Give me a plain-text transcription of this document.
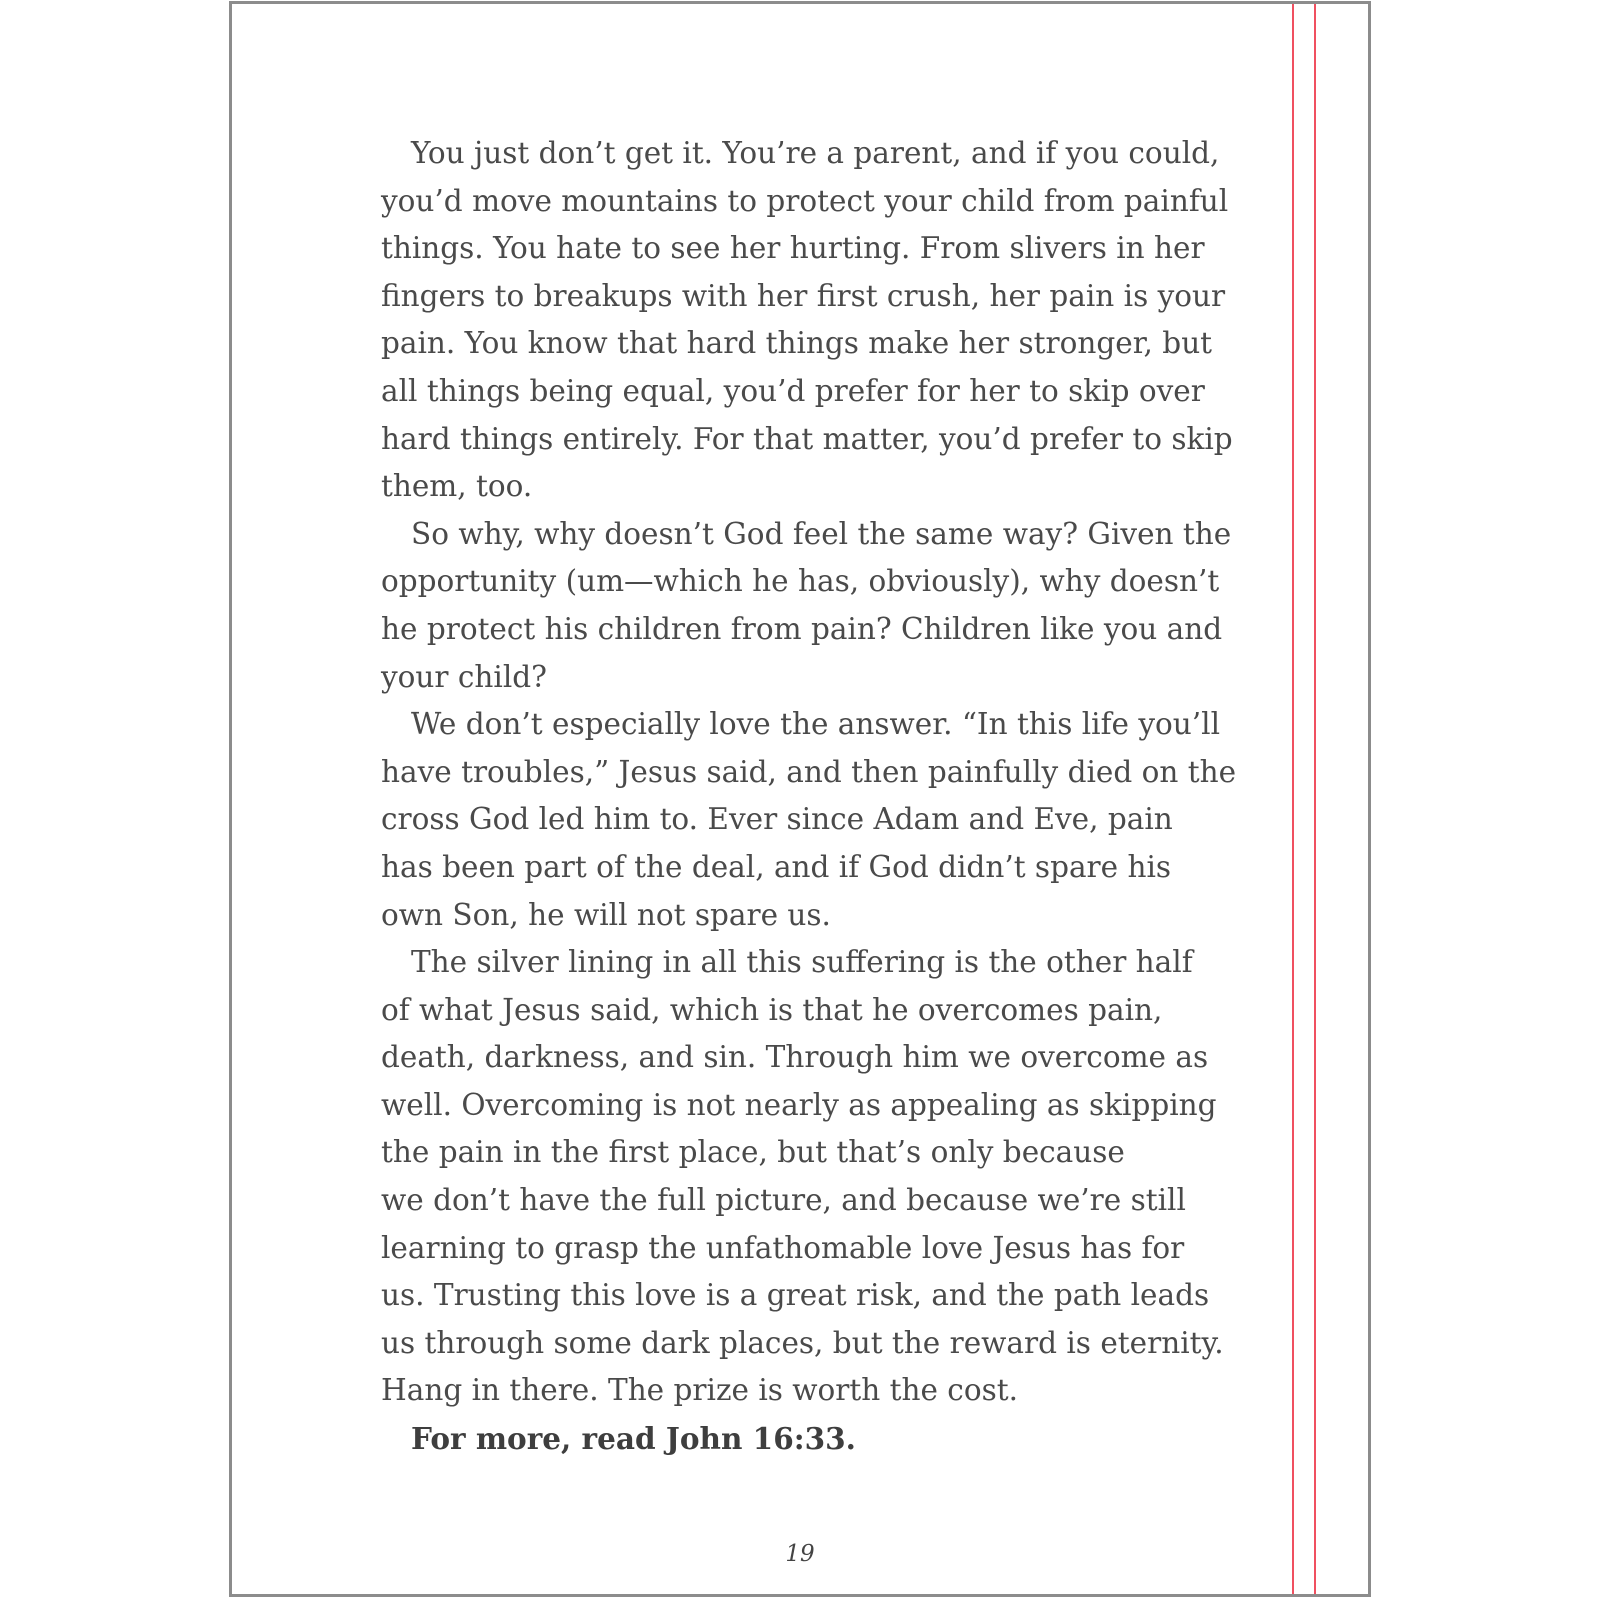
You just don’t get it. You’re a parent, and if you could,
you’d move mountains to protect your child from painful
things. You hate to see her hurting. From slivers in her
fingers to breakups with her first crush, her pain is your
pain. You know that hard things make her stronger, but
all things being equal, you’d prefer for her to skip over
hard things entirely. For that matter, you’d prefer to skip
them, too.
So why, why doesn’t God feel the same way? Given the
opportunity (um—which he has, obviously), why doesn’t
he protect his children from pain? Children like you and
your child?
We don’t especially love the answer. “In this life you’ll
have troubles,” Jesus said, and then painfully died on the
cross God led him to. Ever since Adam and Eve, pain
has been part of the deal, and if God didn’t spare his
own Son, he will not spare us.
The silver lining in all this suffering is the other half
of what Jesus said, which is that he overcomes pain,
death, darkness, and sin. Through him we overcome as
well. Overcoming is not nearly as appealing as skipping
the pain in the first place, but that’s only because
we don’t have the full picture, and because we’re still
learning to grasp the unfathomable love Jesus has for
us. Trusting this love is a great risk, and the path leads
us through some dark places, but the reward is eternity.
Hang in there. The prize is worth the cost.
For more, read John 16:33.
19
